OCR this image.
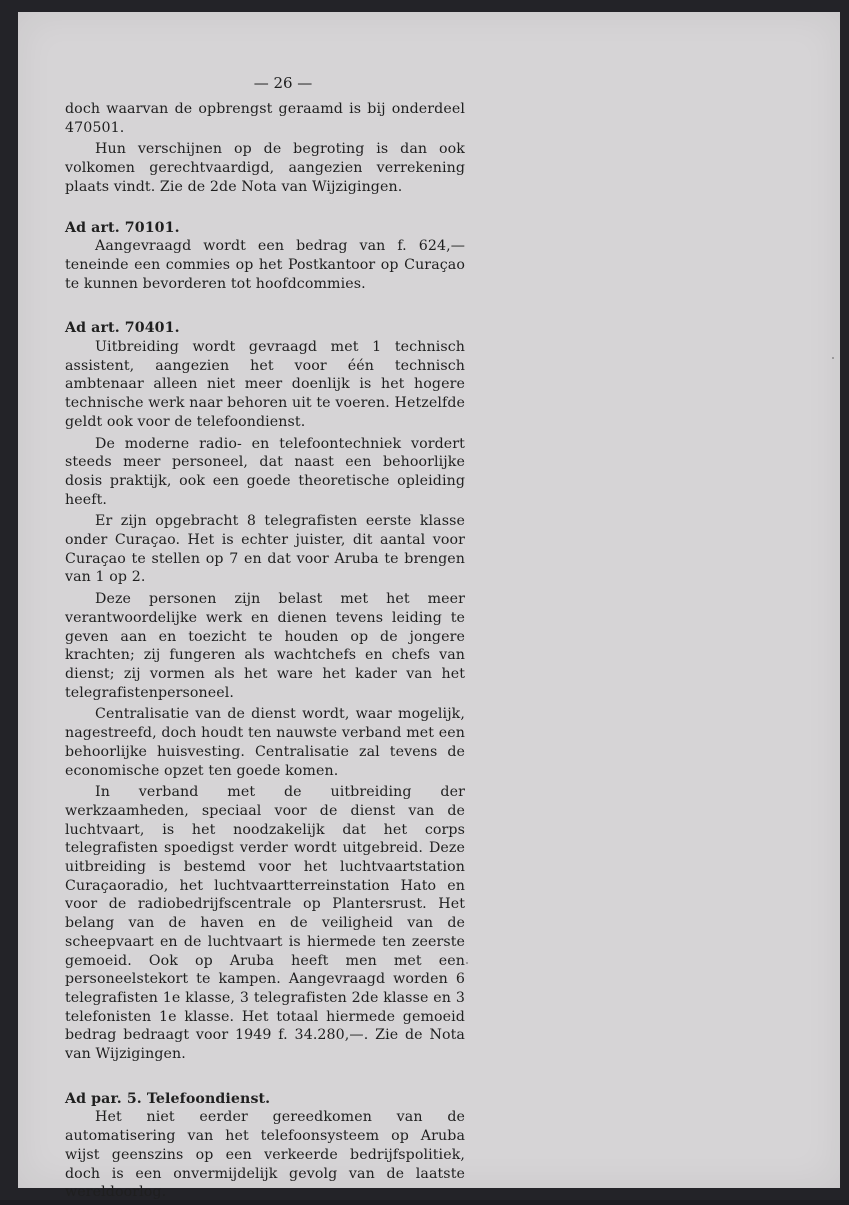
— 26 —

doch waarvan de opbrengst geraamd is bij onderdeel 470501.

Hun verschijnen op de begroting is dan ook volkomen gerechtvaardigd, aangezien verrekening plaats vindt. Zie de 2de Nota van Wijzigingen.

Ad art. 70101.

Aangevraagd wordt een bedrag van f. 624,— teneinde een commies op het Postkantoor op Curaçao te kunnen bevorderen tot hoofdcommies.

Ad art. 70401.

Uitbreiding wordt gevraagd met 1 technisch assistent, aangezien het voor één technisch ambtenaar alleen niet meer doenlijk is het hogere technische werk naar behoren uit te voeren. Hetzelfde geldt ook voor de telefoondienst.

De moderne radio- en telefoontechniek vordert steeds meer personeel, dat naast een behoorlijke dosis praktijk, ook een goede theoretische opleiding heeft.

Er zijn opgebracht 8 telegrafisten eerste klasse onder Curaçao. Het is echter juister, dit aantal voor Curaçao te stellen op 7 en dat voor Aruba te brengen van 1 op 2.

Deze personen zijn belast met het meer verantwoordelijke werk en dienen tevens leiding te geven aan en toezicht te houden op de jongere krachten; zij fungeren als wachtchefs en chefs van dienst; zij vormen als het ware het kader van het telegrafistenpersoneel.

Centralisatie van de dienst wordt, waar mogelijk, nagestreefd, doch houdt ten nauwste verband met een behoorlijke huisvesting. Centralisatie zal tevens de economische opzet ten goede komen.

In verband met de uitbreiding der werkzaamheden, speciaal voor de dienst van de luchtvaart, is het noodzakelijk dat het corps telegrafisten spoedigst verder wordt uitgebreid. Deze uitbreiding is bestemd voor het luchtvaartstation Curaçaoradio, het luchtvaartterreinstation Hato en voor de radiobedrijfscentrale op Plantersrust. Het belang van de haven en de veiligheid van de scheepvaart en de luchtvaart is hiermede ten zeerste gemoeid. Ook op Aruba heeft men met een personeelstekort te kampen. Aangevraagd worden 6 telegrafisten 1e klasse, 3 telegrafisten 2de klasse en 3 telefonisten 1e klasse. Het totaal hiermede gemoeid bedrag bedraagt voor 1949 f. 34.280,—. Zie de Nota van Wijzigingen.

Ad par. 5. Telefoondienst.

Het niet eerder gereedkomen van de automatisering van het telefoonsysteem op Aruba wijst geenszins op een verkeerde bedrijfspolitiek, doch is een onvermijdelijk gevolg van de laatste wereldoorlog.
